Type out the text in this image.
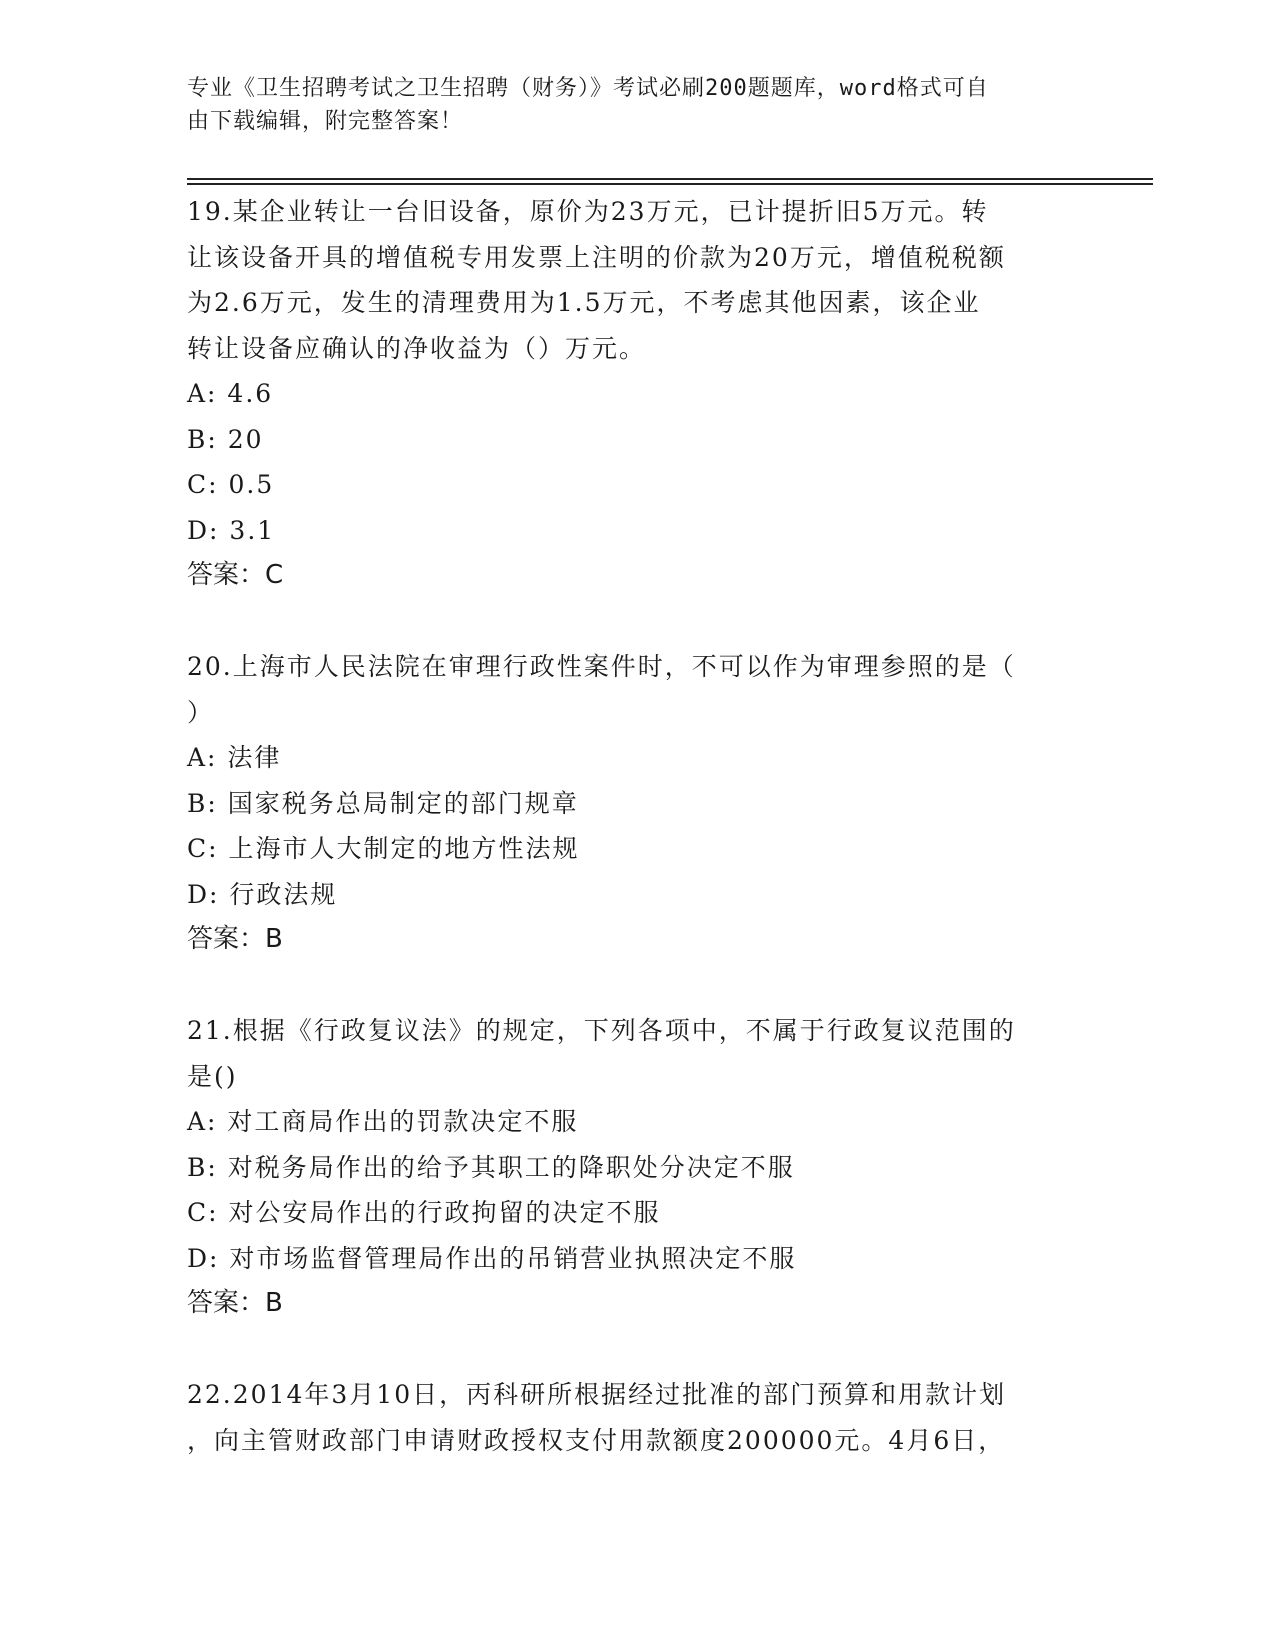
专业《卫生招聘考试之卫生招聘（财务）》考试必刷200题题库，word格式可自
由下载编辑，附完整答案！
19.某企业转让一台旧设备，原价为23万元，已计提折旧5万元。转
让该设备开具的增值税专用发票上注明的价款为20万元，增值税税额
为2.6万元，发生的清理费用为1.5万元，不考虑其他因素，该企业
转让设备应确认的净收益为（）万元。
A: 4.6
B: 20
C: 0.5
D: 3.1
答案：C
20.上海市人民法院在审理行政性案件时，不可以作为审理参照的是（
）
A: 法律
B: 国家税务总局制定的部门规章
C: 上海市人大制定的地方性法规
D: 行政法规
答案：B
21.根据《行政复议法》的规定，下列各项中，不属于行政复议范围的
是()
A: 对工商局作出的罚款决定不服
B: 对税务局作出的给予其职工的降职处分决定不服
C: 对公安局作出的行政拘留的决定不服
D: 对市场监督管理局作出的吊销营业执照决定不服
答案：B
22.2014年3月10日，丙科研所根据经过批准的部门预算和用款计划
，向主管财政部门申请财政授权支付用款额度200000元。4月6日，
